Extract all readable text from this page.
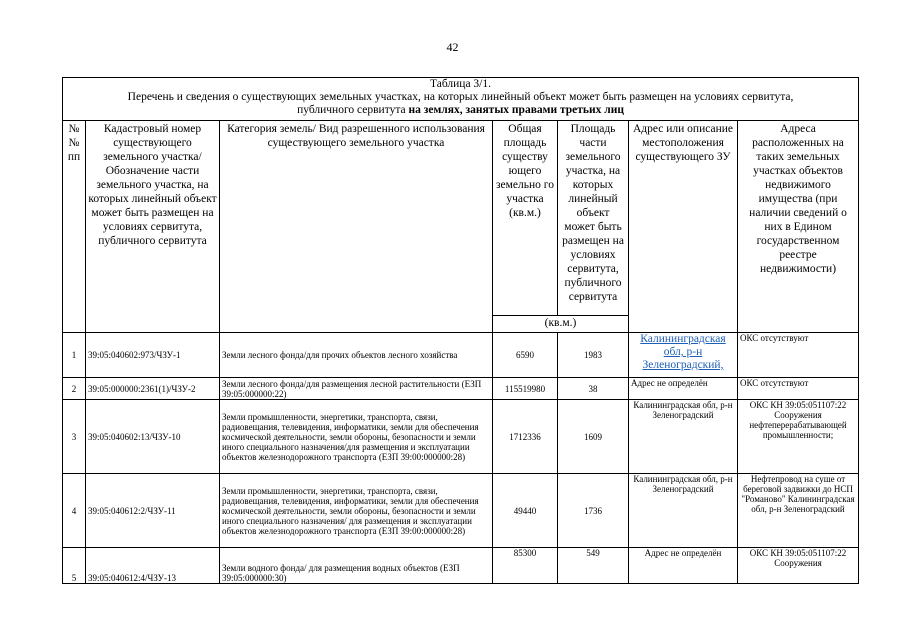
42
Таблица 3/1.
Перечень и сведения о существующих земельных участках, на которых линейный объект может быть размещен на условиях сервитута,
публичного сервитута на землях, занятых правами третьих лиц						

№№ пп	Кадастровый номер существующего земельного участка/ Обозначение части земельного участка, на которых линейный объект может быть размещен на условиях сервитута, публичного сервитута	Категория земель/ Вид разрешенного использования существующего земельного участка	Общая площадь существу ющего земельно го участка (кв.м.)	Площадь части земельного участка, на которых линейный объект может быть размещен на условиях сервитута, публичного сервитута	Адрес или описание местоположения существующего ЗУ	Адреса расположенных на таких земельных участках объектов недвижимого имущества (при наличии сведений о них в Едином государственном реестре недвижимости)
			(кв.м.)			
1	39:05:040602:973/ЧЗУ-1	Земли лесного фонда/для прочих объектов лесного хозяйства	6590	1983	Калининградская обл, р-н Зеленоградский,	ОКС отсутствуют
2	39:05:000000:2361(1)/ЧЗУ-2	Земли лесного фонда/для размещения лесной растительности (ЕЗП 39:05:000000:22)	115519980	38	Адрес не определён	ОКС отсутствуют
3	39:05:040602:13/ЧЗУ-10	Земли промышленности, энергетики, транспорта, связи, радиовещания, телевидения, информатики, земли для обеспечения космической деятельности, земли обороны, безопасности и земли иного специального назначения/для размещения и эксплуатации объектов железнодорожного транспорта (ЕЗП 39:00:000000:28)	1712336	1609	Калининградская обл, р-н Зеленоградский	ОКС КН 39:05:051107:22 Сооружения нефтеперерабатывающей промышленности;
4	39:05:040612:2/ЧЗУ-11	Земли промышленности, энергетики, транспорта, связи, радиовещания, телевидения, информатики, земли для обеспечения космической деятельности, земли обороны, безопасности и земли иного специального назначения/ для размещения и эксплуатации объектов железнодорожного транспорта (ЕЗП 39:00:000000:28)	49440	1736	Калининградская обл, р-н Зеленоградский	Нефтепровод на суше от береговой задвижки до НСП "Романово" Калининградская обл, р-н Зеленоградский
5	39:05:040612:4/ЧЗУ-13	Земли водного фонда/ для размещения водных объектов (ЕЗП 39:05:000000:30)	85300	549	Адрес не определён	ОКС КН 39:05:051107:22 Сооружения
